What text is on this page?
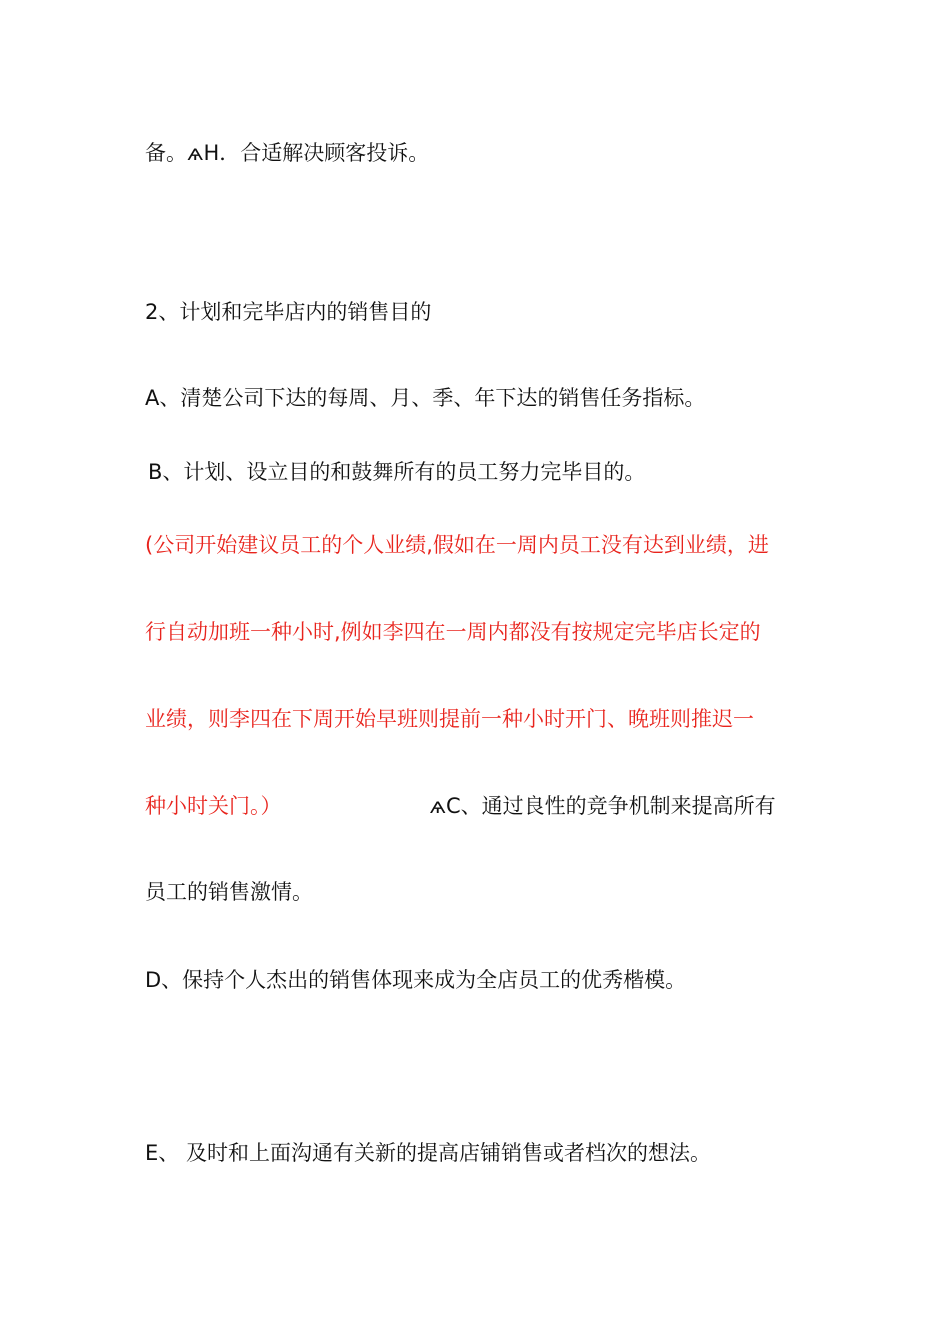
备。ѧH．合适解决顾客投诉。
2、计划和完毕店内的销售目的
A、清楚公司下达的每周、月、季、年下达的销售任务指标。
B、计划、设立目的和鼓舞所有的员工努力完毕目的。
(公司开始建议员工的个人业绩,假如在一周内员工没有达到业绩，进
行自动加班一种小时,例如李四在一周内都没有按规定完毕店长定的
业绩，则李四在下周开始早班则提前一种小时开门、晚班则推迟一
种小时关门。）	ѧC、通过良性的竞争机制来提高所有
员工的销售激情。
D、保持个人杰出的销售体现来成为全店员工的优秀楷模。
E、 及时和上面沟通有关新的提高店铺销售或者档次的想法。
